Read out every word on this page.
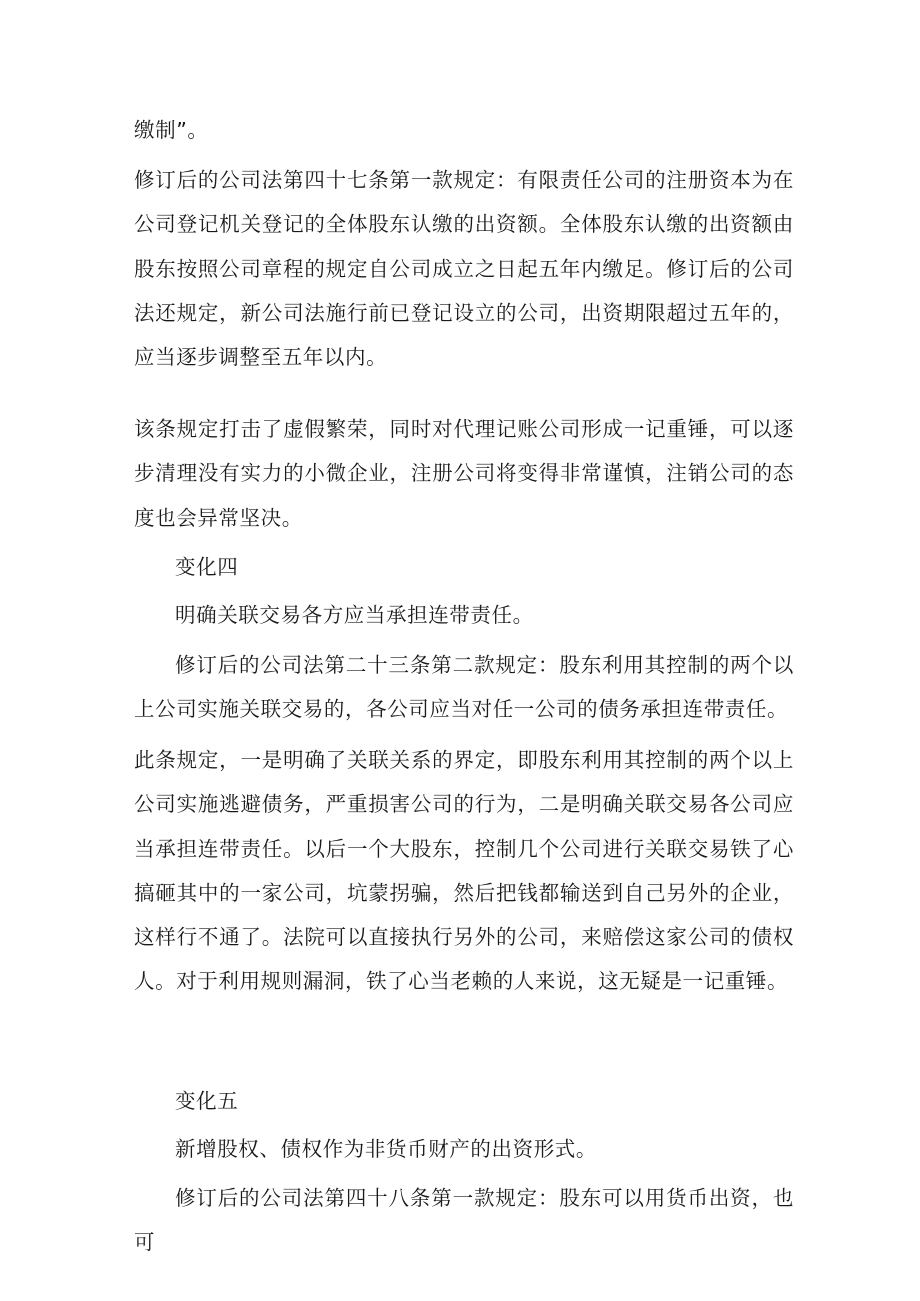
缴制”。

修订后的公司法第四十七条第一款规定：有限责任公司的注册资本为在公司登记机关登记的全体股东认缴的出资额。全体股东认缴的出资额由股东按照公司章程的规定自公司成立之日起五年内缴足。修订后的公司法还规定，新公司法施行前已登记设立的公司，出资期限超过五年的，应当逐步调整至五年以内。

该条规定打击了虚假繁荣，同时对代理记账公司形成一记重锤，可以逐步清理没有实力的小微企业，注册公司将变得非常谨慎，注销公司的态度也会异常坚决。

变化四

明确关联交易各方应当承担连带责任。

修订后的公司法第二十三条第二款规定：股东利用其控制的两个以上公司实施关联交易的，各公司应当对任一公司的债务承担连带责任。

此条规定，一是明确了关联关系的界定，即股东利用其控制的两个以上公司实施逃避债务，严重损害公司的行为，二是明确关联交易各公司应当承担连带责任。以后一个大股东，控制几个公司进行关联交易铁了心搞砸其中的一家公司，坑蒙拐骗，然后把钱都输送到自己另外的企业，这样行不通了。法院可以直接执行另外的公司，来赔偿这家公司的债权人。对于利用规则漏洞，铁了心当老赖的人来说，这无疑是一记重锤。

变化五

新增股权、债权作为非货币财产的出资形式。

修订后的公司法第四十八条第一款规定：股东可以用货币出资，也可
